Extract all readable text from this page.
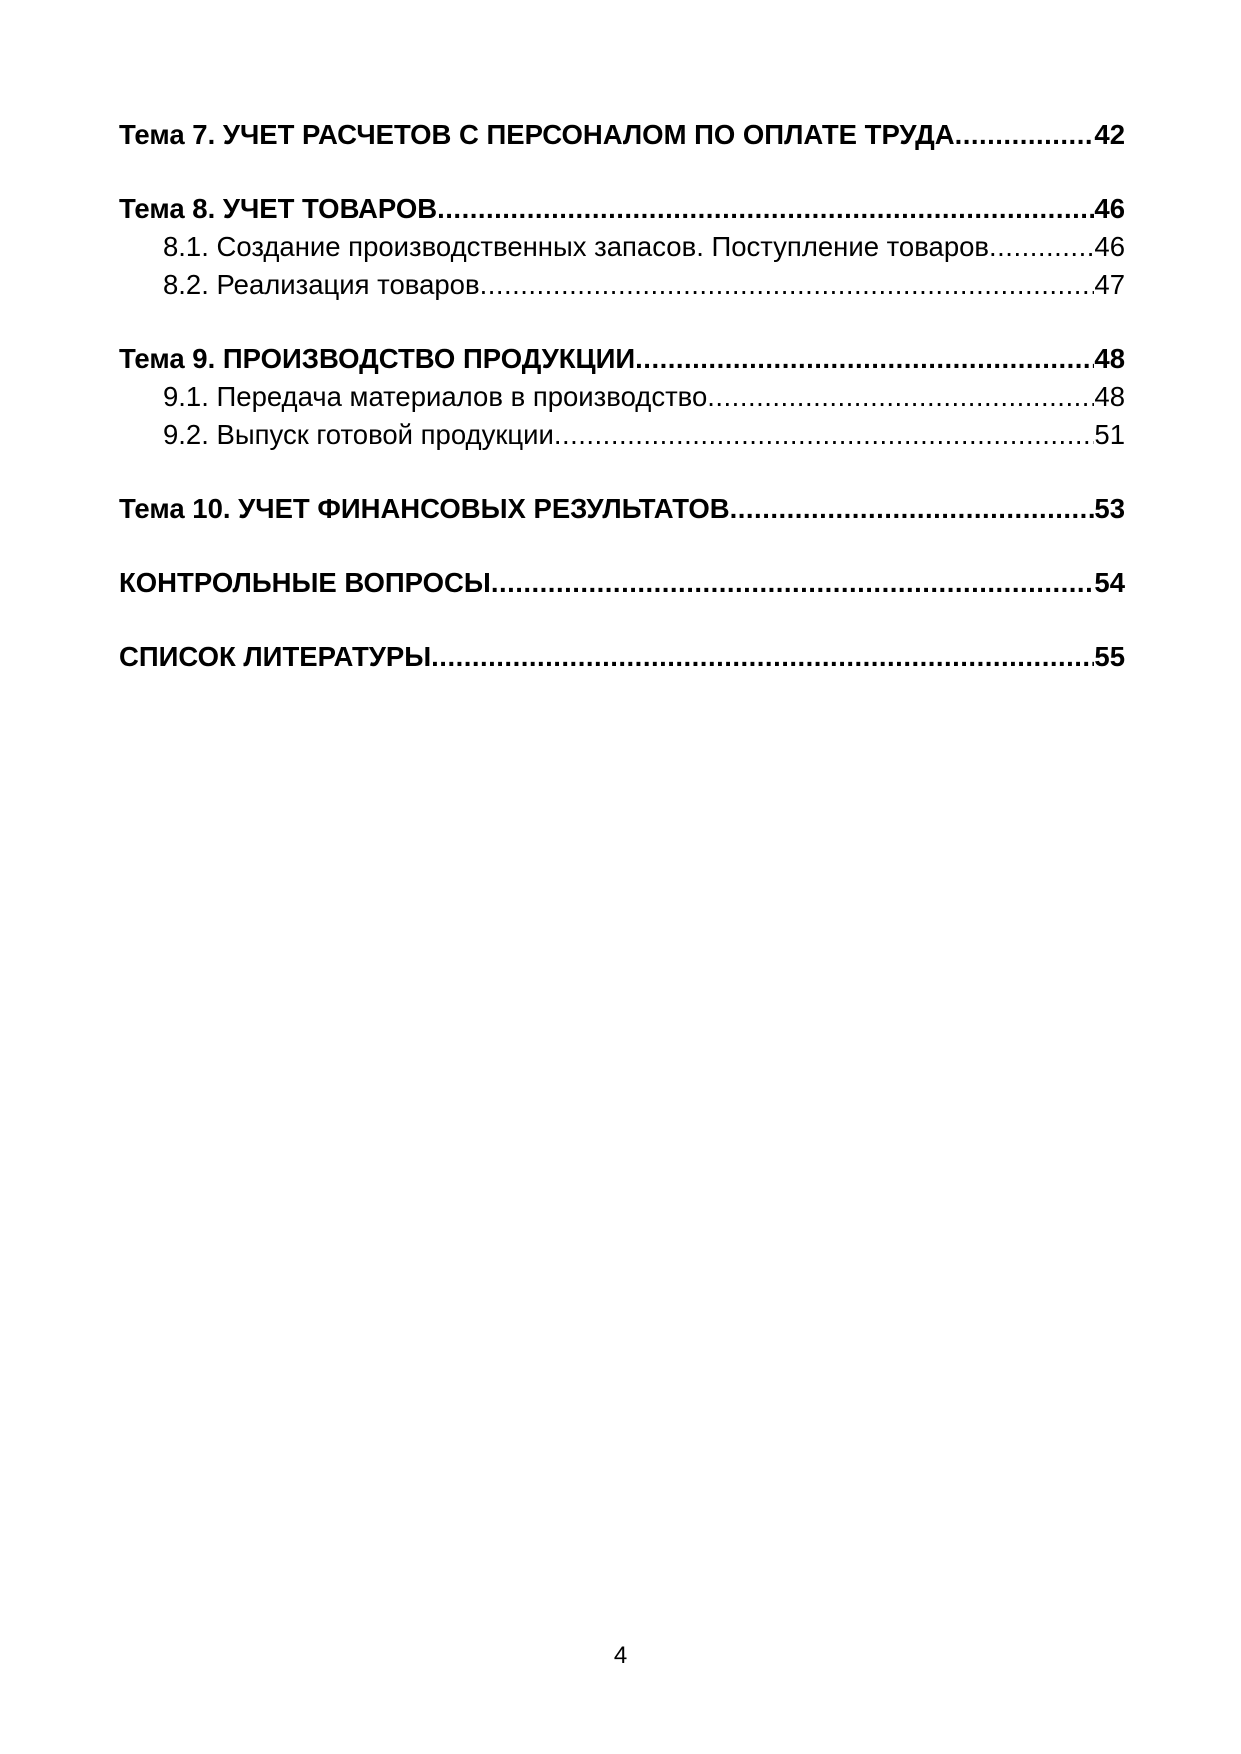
Тема 7. УЧЕТ РАСЧЕТОВ С ПЕРСОНАЛОМ ПО ОПЛАТЕ ТРУДА .....	42
Тема 8. УЧЕТ ТОВАРОВ .....	46
8.1. Создание производственных запасов. Поступление товаров .....	46
8.2. Реализация товаров .....	47
Тема 9. ПРОИЗВОДСТВО ПРОДУКЦИИ .....	48
9.1. Передача материалов в производство .....	48
9.2. Выпуск готовой продукции .....	51
Тема 10. УЧЕТ ФИНАНСОВЫХ РЕЗУЛЬТАТОВ .....	53
КОНТРОЛЬНЫЕ ВОПРОСЫ .....	54
СПИСОК ЛИТЕРАТУРЫ .....	55
4
